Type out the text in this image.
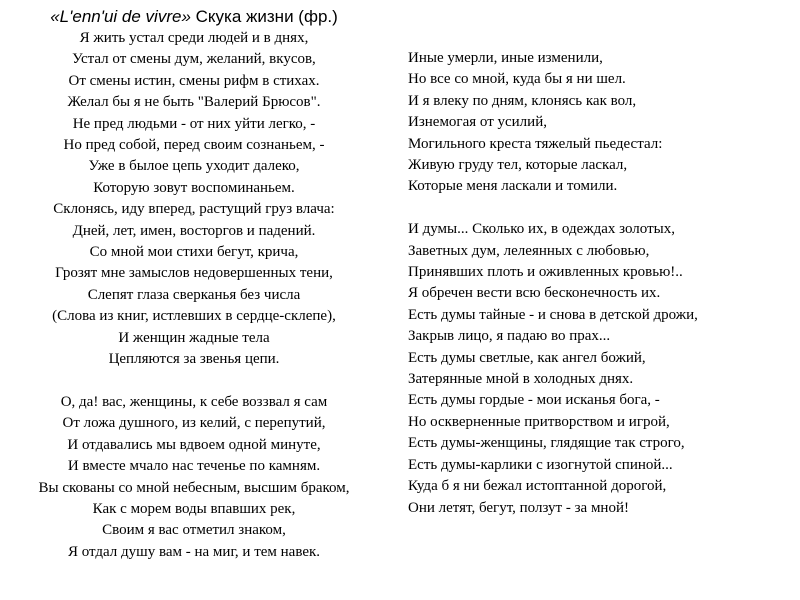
«L'enn'ui de vivre» Скука жизни (фр.)
Я жить устал среди людей и в днях,
Устал от смены дум, желаний, вкусов,
От смены истин, смены рифм в стихах.
Желал бы я не быть "Валерий Брюсов".
Не пред людьми - от них уйти легко, -
Но пред собой, перед своим сознаньем, -
Уже в былое цепь уходит далеко,
Которую зовут воспоминаньем.
Склонясь, иду вперед, растущий груз влача:
Дней, лет, имен, восторгов и падений.
Со мной мои стихи бегут, крича,
Грозят мне замыслов недовершенных тени,
Слепят глаза сверканья без числа
(Слова из книг, истлевших в сердце-склепе),
И женщин жадные тела
Цепляются за звенья цепи.
О, да! вас, женщины, к себе воззвал я сам
От ложа душного, из келий, с перепутий,
И отдавались мы вдвоем одной минуте,
И вместе мчало нас теченье по камням.
Вы скованы со мной небесным, высшим браком,
Как с морем воды впавших рек,
Своим я вас отметил знаком,
Я отдал душу вам - на миг, и тем навек.
Иные умерли, иные изменили,
Но все со мной, куда бы я ни шел.
И я влеку по дням, клонясь как вол,
Изнемогая от усилий,
Могильного креста тяжелый пьедестал:
Живую груду тел, которые ласкал,
Которые меня ласкали и томили.
И думы... Сколько их, в одеждах золотых,
Заветных дум, лелеянных с любовью,
Принявших плоть и оживленных кровью!..
Я обречен вести всю бесконечность их.
Есть думы тайные - и снова в детской дрожи,
Закрыв лицо, я падаю во прах...
Есть думы светлые, как ангел божий,
Затерянные мной в холодных днях.
Есть думы гордые - мои исканья бога, -
Но оскверненные притворством и игрой,
Есть думы-женщины, глядящие так строго,
Есть думы-карлики с изогнутой спиной...
Куда б я ни бежал истоптанной дорогой,
Они летят, бегут, ползут - за мной!
